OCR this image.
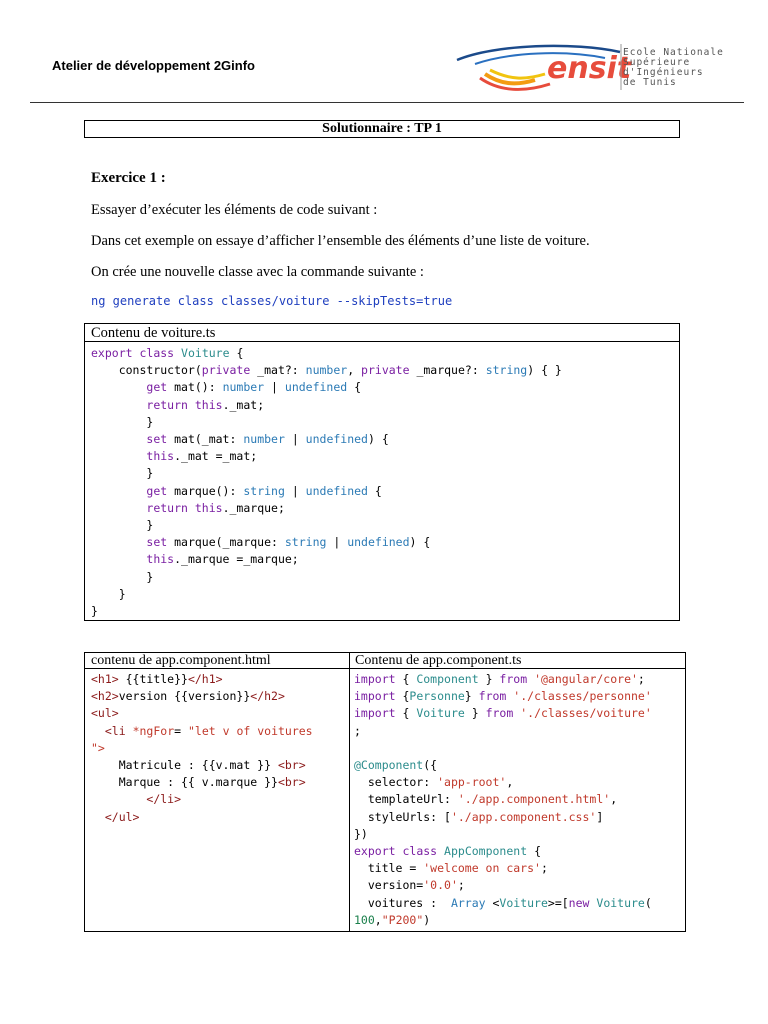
Atelier de développement 2Ginfo	ensit
Ecole Nationale
Supérieure
d'Ingénieurs
de Tunis
Solutionnaire : TP 1
Exercice 1 :
Essayer d’exécuter les éléments de code suivant :
Dans cet exemple on essaye d’afficher l’ensemble des éléments d’une liste de voiture.
On crée une nouvelle classe avec la commande suivante :
ng generate class classes/voiture --skipTests=true
Contenu de voiture.ts
export class Voiture {
constructor(private _mat?: number, private _marque?: string) { }
get mat(): number | undefined {
return this._mat;
}
set mat(_mat: number | undefined) {
this._mat =_mat;
}
get marque(): string | undefined {
return this._marque;
}
set marque(_marque: string | undefined) {
this._marque =_marque;
}
}
}
contenu de app.component.html	Contenu de app.component.ts
<h1> {{title}}</h1>
<h2>version {{version}}</h2>
<ul>
<li *ngFor= "let v of voitures
">
Matricule : {{v.mat }} <br>
Marque : {{ v.marque }}<br>
</li>
</ul>
import { Component } from '@angular/core';
import {Personne} from './classes/personne'
import { Voiture } from './classes/voiture'
;

@Component({
selector: 'app-root',
templateUrl: './app.component.html',
styleUrls: ['./app.component.css']
})
export class AppComponent {
title = 'welcome on cars';
version='0.0';
voitures :  Array <Voiture>=[new Voiture(
100,"P200")
